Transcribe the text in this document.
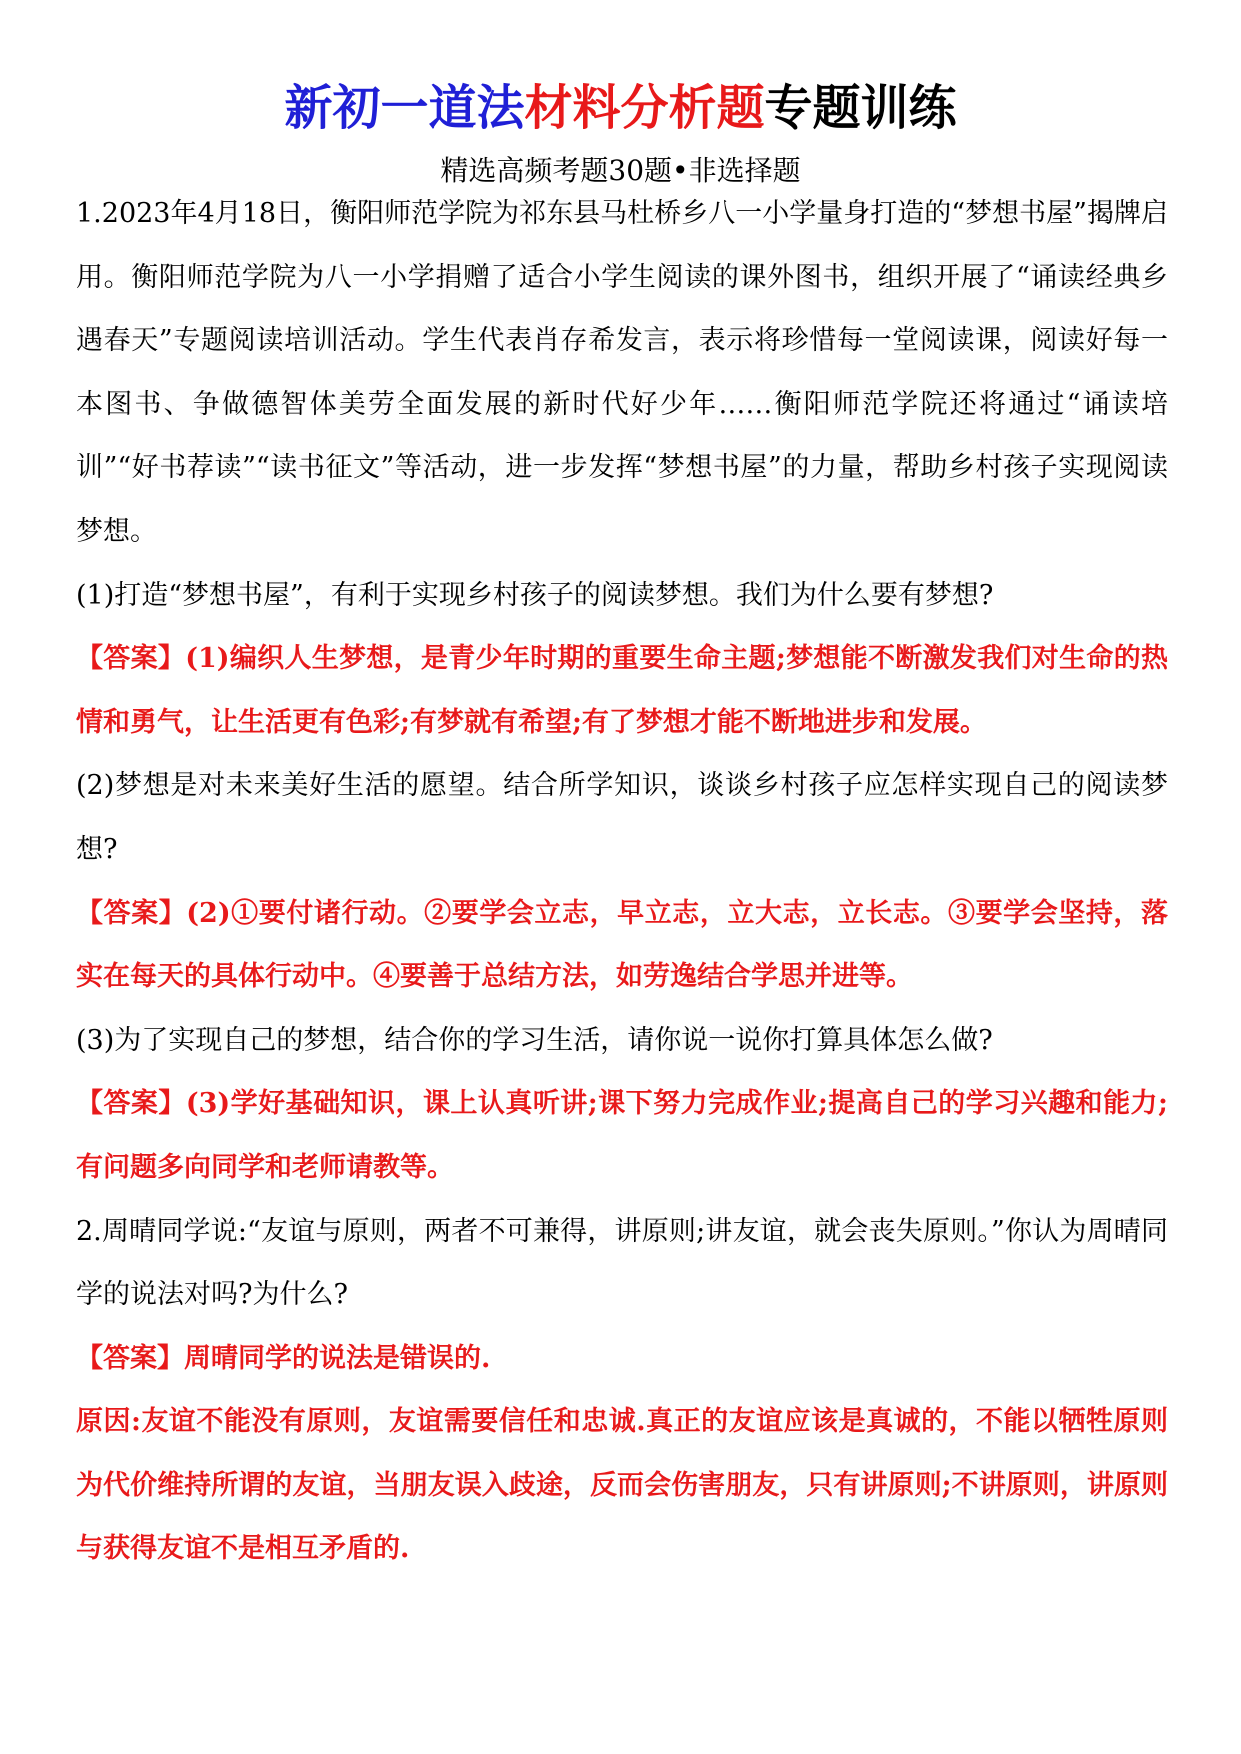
新初一道法材料分析题专题训练
精选高频考题30题•非选择题

1.2023年4月18日，衡阳师范学院为祁东县马杜桥乡八一小学量身打造的“梦想书屋”揭牌启用。衡阳师范学院为八一小学捐赠了适合小学生阅读的课外图书，组织开展了“诵读经典乡遇春天”专题阅读培训活动。学生代表肖存希发言，表示将珍惜每一堂阅读课，阅读好每一本图书、争做德智体美劳全面发展的新时代好少年……衡阳师范学院还将通过“诵读培训”“好书荐读”“读书征文”等活动，进一步发挥“梦想书屋”的力量，帮助乡村孩子实现阅读梦想。

(1)打造“梦想书屋”，有利于实现乡村孩子的阅读梦想。我们为什么要有梦想?

【答案】(1)编织人生梦想，是青少年时期的重要生命主题;梦想能不断激发我们对生命的热情和勇气，让生活更有色彩;有梦就有希望;有了梦想才能不断地进步和发展。

(2)梦想是对未来美好生活的愿望。结合所学知识，谈谈乡村孩子应怎样实现自己的阅读梦想?

【答案】(2)①要付诸行动。②要学会立志，早立志，立大志，立长志。③要学会坚持，落实在每天的具体行动中。④要善于总结方法，如劳逸结合学思并进等。

(3)为了实现自己的梦想，结合你的学习生活，请你说一说你打算具体怎么做?

【答案】(3)学好基础知识，课上认真听讲;课下努力完成作业;提高自己的学习兴趣和能力;有问题多向同学和老师请教等。

2.周晴同学说:“友谊与原则，两者不可兼得，讲原则;讲友谊，就会丧失原则。”你认为周晴同学的说法对吗?为什么?

【答案】周晴同学的说法是错误的.

原因:友谊不能没有原则，友谊需要信任和忠诚.真正的友谊应该是真诚的，不能以牺牲原则为代价维持所谓的友谊，当朋友误入歧途，反而会伤害朋友，只有讲原则;不讲原则，讲原则与获得友谊不是相互矛盾的.
